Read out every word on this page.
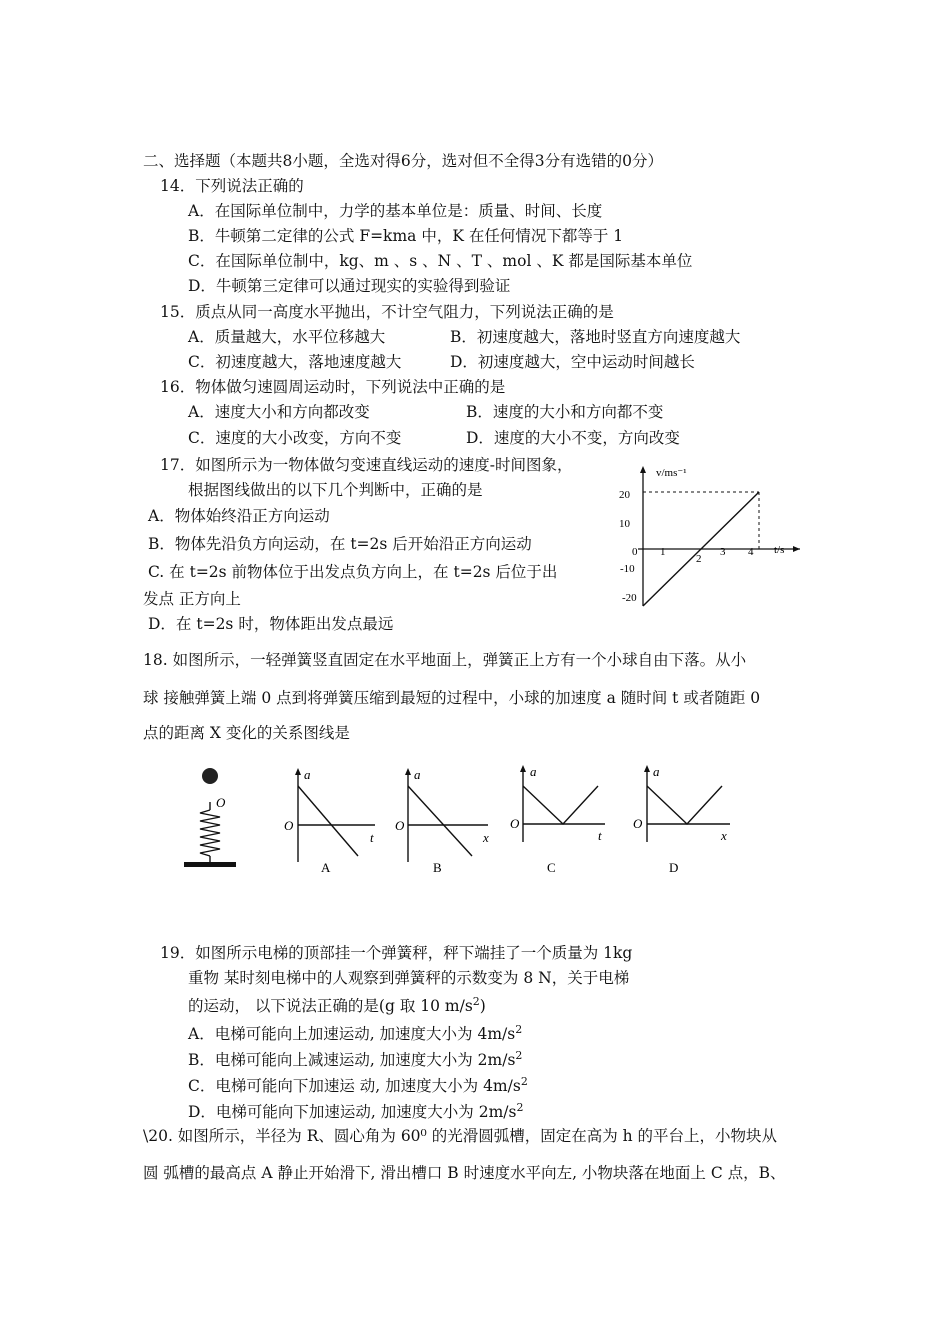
二、选择题（本题共8小题，全选对得6分，选对但不全得3分有选错的0分）
14．下列说法正确的
A．在国际单位制中，力学的基本单位是：质量、时间、长度
B．牛顿第二定律的公式 F=kma 中，K 在任何情况下都等于 1
C．在国际单位制中，kg、m 、s 、N 、T 、mol 、K 都是国际基本单位
D．牛顿第三定律可以通过现实的实验得到验证
15．质点从同一高度水平抛出，不计空气阻力，下列说法正确的是
A．质量越大，水平位移越大	B．初速度越大，落地时竖直方向速度越大
C．初速度越大，落地速度越大	D．初速度越大，空中运动时间越长
16．物体做匀速圆周运动时，下列说法中正确的是
A．速度大小和方向都改变	B．速度的大小和方向都不变
C．速度的大小改变，方向不变	D．速度的大小不变，方向改变
17．如图所示为一物体做匀变速直线运动的速度-时间图象，
根据图线做出的以下几个判断中，正确的是
A．物体始终沿正方向运动
B．物体先沿负方向运动，在 t=2s 后开始沿正方向运动
C. 在 t=2s 前物体位于出发点负方向上，在 t=2s 后位于出
发点 正方向上
D．在 t=2s 时，物体距出发点最远
v/ms⁻¹
t/s
20
10
0
-10
-20
1
2
3 4
18. 如图所示，一轻弹簧竖直固定在水平地面上，弹簧正上方有一个小球自由下落。从小
球 接触弹簧上端 0 点到将弹簧压缩到最短的过程中，小球的加速度 a 随时间 t 或者随距 0
点的距离 X 变化的关系图线是
O
a
O
t
A
a
O
x
B
a
O
t
C
a
O
x
D
19．如图所示电梯的顶部挂一个弹簧秤，秤下端挂了一个质量为 1kg
重物 某时刻电梯中的人观察到弹簧秤的示数变为 8 N，关于电梯
的运动， 以下说法正确的是(g 取 10 $m/s^2$)
A．电梯可能向上加速运动, 加速度大小为 $4m/s^2$
B．电梯可能向上减速运动, 加速度大小为 $2m/s^2$
C．电梯可能向下加速运 动, 加速度大小为 $4m/s^2$
D．电梯可能向下加速运动, 加速度大小为 $2m/s^2$
\20. 如图所示，半径为 R、圆心角为 60⁰ 的光滑圆弧槽，固定在高为 h 的平台上，小物块从
圆 弧槽的最高点 A 静止开始滑下, 滑出槽口 B 时速度水平向左, 小物块落在地面上 C 点，B、
